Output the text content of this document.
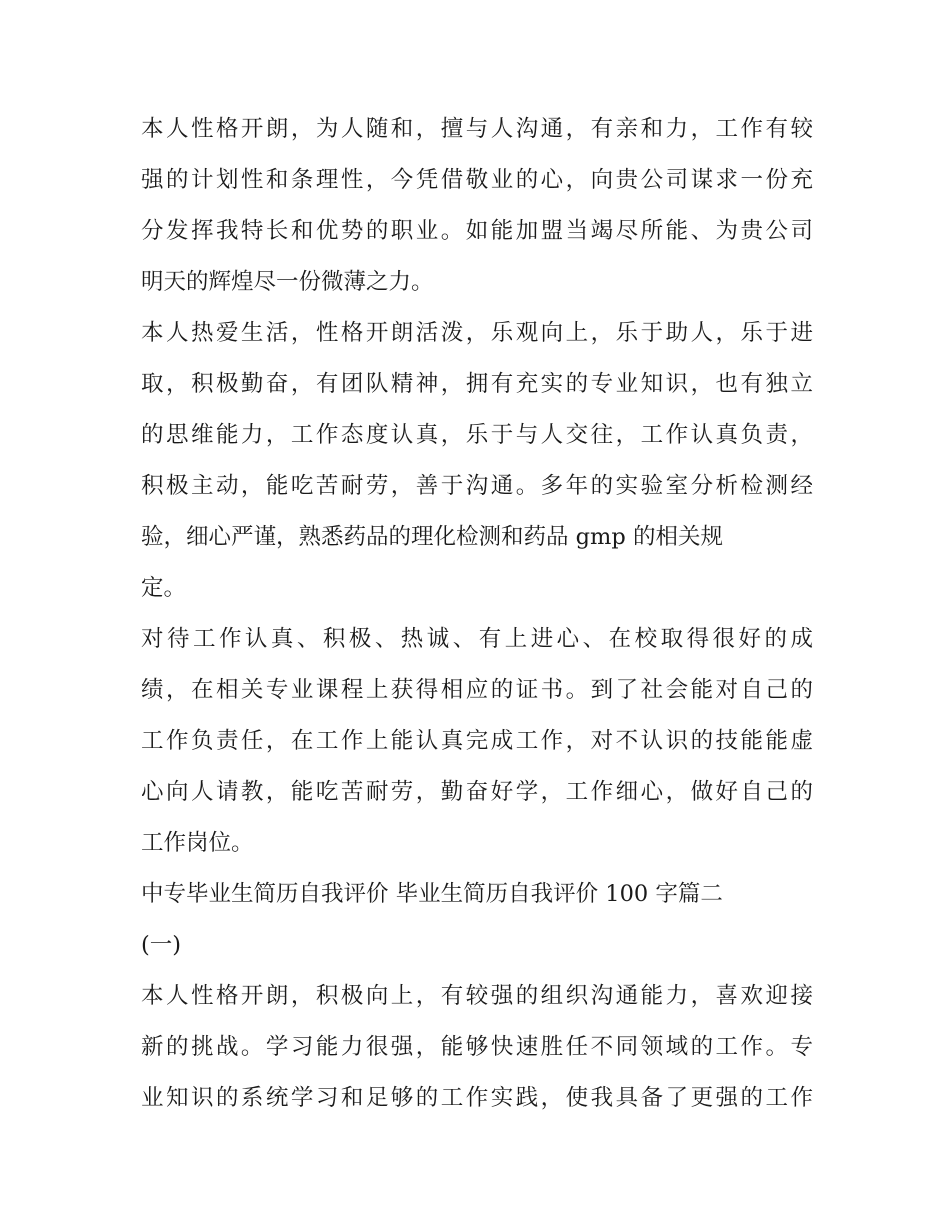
本人性格开朗，为人随和，擅与人沟通，有亲和力，工作有较
强的计划性和条理性，今凭借敬业的心，向贵公司谋求一份充
分发挥我特长和优势的职业。如能加盟当竭尽所能、为贵公司
明天的辉煌尽一份微薄之力。
本人热爱生活，性格开朗活泼，乐观向上，乐于助人，乐于进
取，积极勤奋，有团队精神，拥有充实的专业知识，也有独立
的思维能力，工作态度认真，乐于与人交往，工作认真负责，
积极主动，能吃苦耐劳，善于沟通。多年的实验室分析检测经
验，细心严谨，熟悉药品的理化检测和药品 gmp 的相关规
定。
对待工作认真、积极、热诚、有上进心、在校取得很好的成
绩，在相关专业课程上获得相应的证书。到了社会能对自己的
工作负责任，在工作上能认真完成工作，对不认识的技能能虚
心向人请教，能吃苦耐劳，勤奋好学，工作细心，做好自己的
工作岗位。
中专毕业生简历自我评价 毕业生简历自我评价 100 字篇二
(一)
本人性格开朗，积极向上，有较强的组织沟通能力，喜欢迎接
新的挑战。学习能力很强，能够快速胜任不同领域的工作。专
业知识的系统学习和足够的工作实践，使我具备了更强的工作
